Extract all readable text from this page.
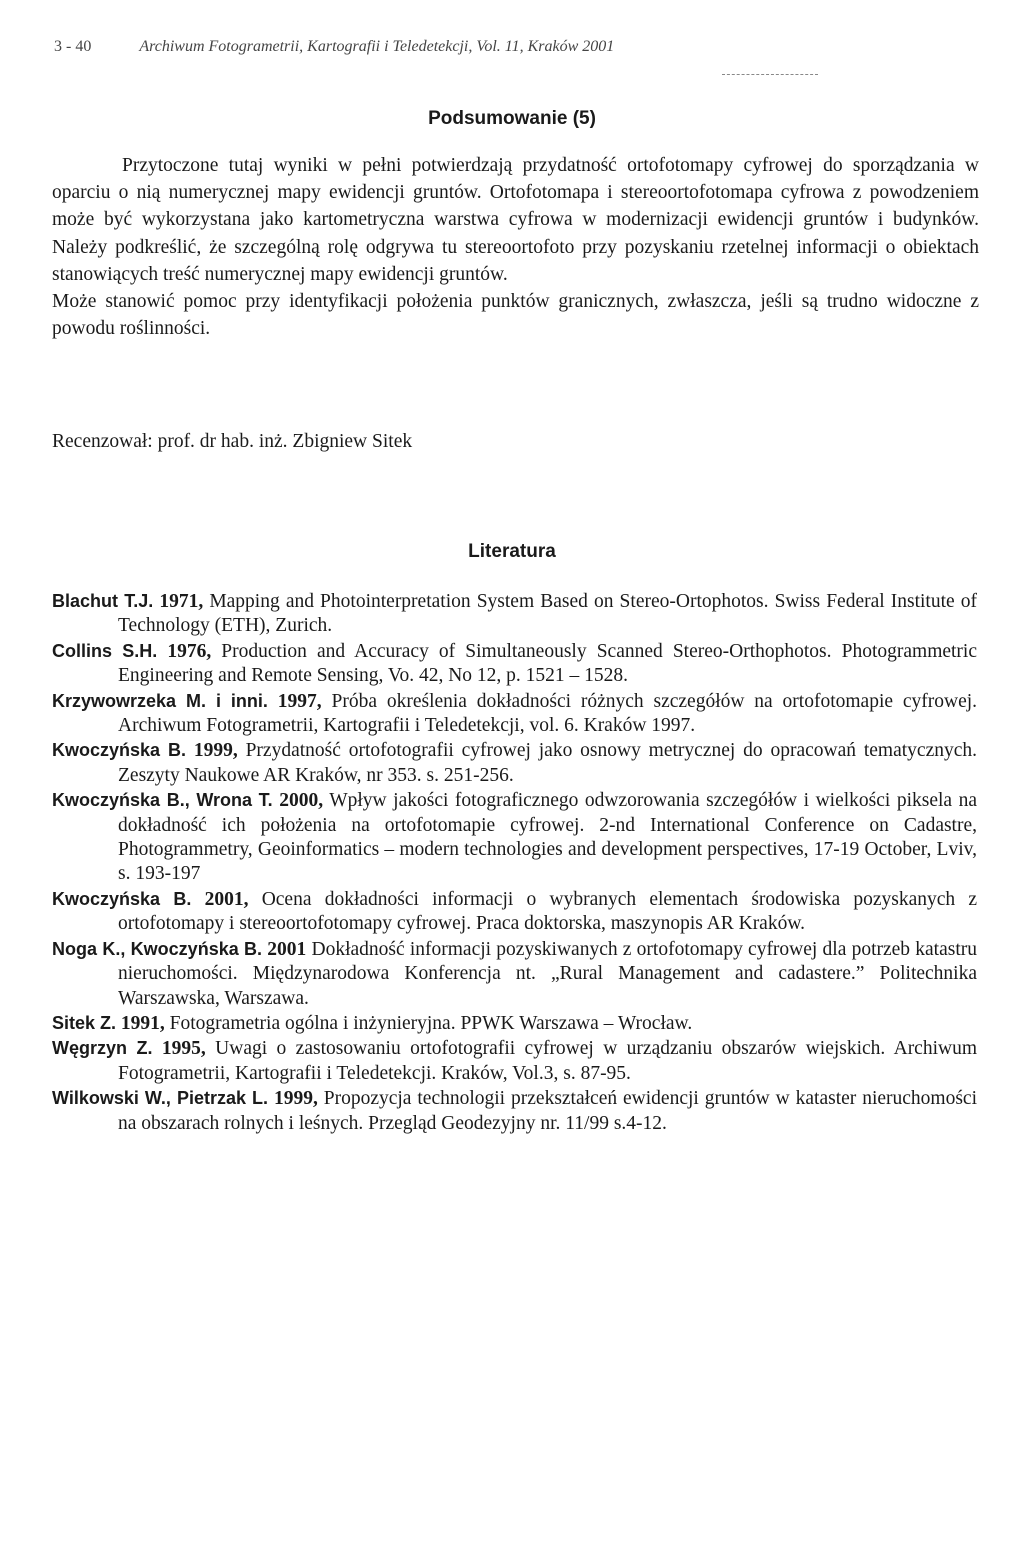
3 - 40	Archiwum Fotogrametrii, Kartografii i Teledetekcji, Vol. 11, Kraków 2001
Podsumowanie (5)

Przytoczone tutaj wyniki w pełni potwierdzają przydatność ortofotomapy cyfrowej do sporządzania w oparciu o nią numerycznej mapy ewidencji gruntów. Ortofotomapa i stereoortofotomapa cyfrowa z powodzeniem może być wykorzystana jako kartometryczna warstwa cyfrowa w modernizacji ewidencji gruntów i budynków. Należy podkreślić, że szczególną rolę odgrywa tu stereoortofoto przy pozyskaniu rzetelnej informacji o obiektach stanowiących treść numerycznej mapy ewidencji gruntów.

Może stanowić pomoc przy identyfikacji położenia punktów granicznych, zwłaszcza, jeśli są trudno widoczne z powodu roślinności.

Recenzował: prof. dr hab. inż. Zbigniew Sitek
Literatura
Blachut T.J. 1971, Mapping and Photointerpretation System Based on Stereo-Ortophotos. Swiss Federal Institute of Technology (ETH), Zurich.
Collins S.H. 1976, Production and Accuracy of Simultaneously Scanned Stereo-Orthophotos. Photogrammetric Engineering and Remote Sensing, Vo. 42, No 12, p. 1521 – 1528.
Krzywowrzeka M. i inni. 1997, Próba określenia dokładności różnych szczegółów na ortofotomapie cyfrowej. Archiwum Fotogrametrii, Kartografii i Teledetekcji, vol. 6. Kraków 1997.
Kwoczyńska B. 1999, Przydatność ortofotografii cyfrowej jako osnowy metrycznej do opracowań tematycznych. Zeszyty Naukowe AR Kraków, nr 353. s. 251-256.
Kwoczyńska B., Wrona T. 2000, Wpływ jakości fotograficznego odwzorowania szczegółów i wielkości piksela na dokładność ich położenia na ortofotomapie cyfrowej. 2-nd International Conference on Cadastre, Photogrammetry, Geoinformatics – modern technologies and development perspectives, 17-19 October, Lviv, s. 193-197
Kwoczyńska B. 2001, Ocena dokładności informacji o wybranych elementach środowiska pozyskanych z ortofotomapy i stereoortofotomapy cyfrowej. Praca doktorska, maszynopis AR Kraków.
Noga K., Kwoczyńska B. 2001 Dokładność informacji pozyskiwanych z ortofotomapy cyfrowej dla potrzeb katastru nieruchomości. Międzynarodowa Konferencja nt. „Rural Management and cadastere.” Politechnika Warszawska, Warszawa.
Sitek Z. 1991, Fotogrametria ogólna i inżynieryjna. PPWK Warszawa – Wrocław.
Węgrzyn Z. 1995, Uwagi o zastosowaniu ortofotografii cyfrowej w urządzaniu obszarów wiejskich. Archiwum Fotogrametrii, Kartografii i Teledetekcji. Kraków, Vol.3, s. 87-95.
Wilkowski W., Pietrzak L. 1999, Propozycja technologii przekształceń ewidencji gruntów w kataster nieruchomości na obszarach rolnych i leśnych. Przegląd Geodezyjny nr. 11/99 s.4-12.
